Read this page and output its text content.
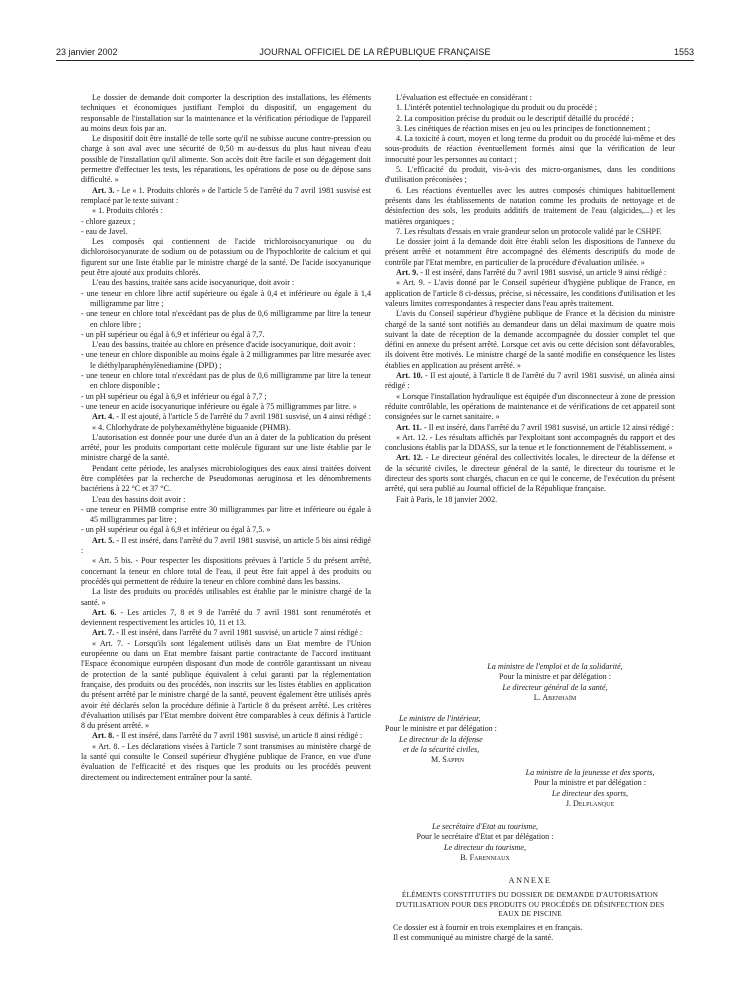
23 janvier 2002	JOURNAL OFFICIEL DE LA RÉPUBLIQUE FRANÇAISE	1553

Le dossier de demande doit comporter la description des installations, les éléments techniques et économiques justifiant l'emploi du dispositif, un engagement du responsable de l'installation sur la maintenance et la vérification périodique de l'appareil au moins deux fois par an.

Le dispositif doit être installé de telle sorte qu'il ne subisse aucune contre-pression ou charge à son aval avec une sécurité de 0,50 m au-dessus du plus haut niveau d'eau possible de l'installation qu'il alimente. Son accès doit être facile et son dégagement doit permettre d'effectuer les tests, les réparations, les opérations de pose ou de dépose sans difficulté. »

Art. 3. - Le « 1. Produits chlorés » de l'article 5 de l'arrêté du 7 avril 1981 susvisé est remplacé par le texte suivant :

« 1. Produits chlorés :

- chlore gazeux ;

- eau de Javel.

Les composés qui contiennent de l'acide trichloroisocyanurique ou du dichloroisocyanurate de sodium ou de potassium ou de l'hypochlorite de calcium et qui figurent sur une liste établie par le ministre chargé de la santé. De l'acide isocyanurique peut être ajouté aux produits chlorés.

L'eau des bassins, traitée sans acide isocyanurique, doit avoir :

- une teneur en chlore libre actif supérieure ou égale à 0,4 et inférieure ou égale à 1,4 milligramme par litre ;

- une teneur en chlore total n'excédant pas de plus de 0,6 milligramme par litre la teneur en chlore libre ;

- un pH supérieur ou égal à 6,9 et inférieur ou égal à 7,7.

L'eau des bassins, traitée au chlore en présence d'acide isocyanurique, doit avoir :

- une teneur en chlore disponible au moins égale à 2 milligrammes par litre mesurée avec le diéthylparaphénylènediamine (DPD) ;

- une teneur en chlore total n'excédant pas de plus de 0,6 milligramme par litre la teneur en chlore disponible ;

- un pH supérieur ou égal à 6,9 et inférieur ou égal à 7,7 ;

- une teneur en acide isocyanurique inférieure ou égale à 75 milligrammes par litre. »

Art. 4. - Il est ajouté, à l'article 5 de l'arrêté du 7 avril 1981 susvisé, un 4 ainsi rédigé :

« 4. Chlorhydrate de polyhexaméthylène biguanide (PHMB).

L'autorisation est donnée pour une durée d'un an à dater de la publication du présent arrêté, pour les produits comportant cette molécule figurant sur une liste établie par le ministre chargé de la santé.

Pendant cette période, les analyses microbiologiques des eaux ainsi traitées doivent être complétées par la recherche de Pseudomonas aeruginosa et les dénombrements bactériens à 22 °C et 37 °C.

L'eau des bassins doit avoir :

- une teneur en PHMB comprise entre 30 milligrammes par litre et inférieure ou égale à 45 milligrammes par litre ;

- un pH supérieur ou égal à 6,9 et inférieur ou égal à 7,5. »

Art. 5. - Il est inséré, dans l'arrêté du 7 avril 1981 susvisé, un article 5 bis ainsi rédigé :

« Art. 5 bis. - Pour respecter les dispositions prévues à l'article 5 du présent arrêté, concernant la teneur en chlore total de l'eau, il peut être fait appel à des produits ou procédés qui permettent de réduire la teneur en chlore combiné dans les bassins.

La liste des produits ou procédés utilisables est établie par le ministre chargé de la santé. »

Art. 6. - Les articles 7, 8 et 9 de l'arrêté du 7 avril 1981 sont renumérotés et deviennent respectivement les articles 10, 11 et 13.

Art. 7. - Il est inséré, dans l'arrêté du 7 avril 1981 susvisé, un article 7 ainsi rédigé :

« Art. 7. - Lorsqu'ils sont légalement utilisés dans un Etat membre de l'Union européenne ou dans un Etat membre faisant partie contractante de l'accord instituant l'Espace économique européen disposant d'un mode de contrôle garantissant un niveau de protection de la santé publique équivalent à celui garanti par la réglementation française, des produits ou des procédés, non inscrits sur les listes établies en application du présent arrêté par le ministre chargé de la santé, peuvent également être utilisés après avoir été déclarés selon la procédure définie à l'article 8 du présent arrêté. Les critères d'évaluation utilisés par l'Etat membre doivent être comparables à ceux définis à l'article 8 du présent arrêté. »

Art. 8. - Il est inséré, dans l'arrêté du 7 avril 1981 susvisé, un article 8 ainsi rédigé :

« Art. 8. - Les déclarations visées à l'article 7 sont transmises au ministère chargé de la santé qui consulte le Conseil supérieur d'hygiène publique de France, en vue d'une évaluation de l'efficacité et des risques que les produits ou les procédés peuvent directement ou indirectement entraîner pour la santé.

L'évaluation est effectuée en considérant :

1. L'intérêt potentiel technologique du produit ou du procédé ;

2. La composition précise du produit ou le descriptif détaillé du procédé ;

3. Les cinétiques de réaction mises en jeu ou les principes de fonctionnement ;

4. La toxicité à court, moyen et long terme du produit ou du procédé lui-même et des sous-produits de réaction éventuellement formés ainsi que la vérification de leur innocuité pour les personnes au contact ;

5. L'efficacité du produit, vis-à-vis des micro-organismes, dans les conditions d'utilisation préconisées ;

6. Les réactions éventuelles avec les autres composés chimiques habituellement présents dans les établissements de natation comme les produits de nettoyage et de désinfection des sols, les produits additifs de traitement de l'eau (algicides,...) et les matières organiques ;

7. Les résultats d'essais en vraie grandeur selon un protocole validé par le CSHPF.

Le dossier joint à la demande doit être établi selon les dispositions de l'annexe du présent arrêté et notamment être accompagné des éléments descriptifs du mode de contrôle par l'Etat membre, en particulier de la procédure d'évaluation utilisée. »

Art. 9. - Il est inséré, dans l'arrêté du 7 avril 1981 susvisé, un article 9 ainsi rédigé :

« Art. 9. - L'avis donné par le Conseil supérieur d'hygiène publique de France, en application de l'article 8 ci-dessus, précise, si nécessaire, les conditions d'utilisation et les valeurs limites correspondantes à respecter dans l'eau après traitement.

L'avis du Conseil supérieur d'hygiène publique de France et la décision du ministre chargé de la santé sont notifiés au demandeur dans un délai maximum de quatre mois suivant la date de réception de la demande accompagnée du dossier complet tel que défini en annexe du présent arrêté. Lorsque cet avis ou cette décision sont défavorables, ils doivent être motivés. Le ministre chargé de la santé modifie en conséquence les listes établies en application au présent arrêté. »

Art. 10. - Il est ajouté, à l'article 8 de l'arrêté du 7 avril 1981 susvisé, un alinéa ainsi rédigé :

« Lorsque l'installation hydraulique est équipée d'un disconnecteur à zone de pression réduite contrôlable, les opérations de maintenance et de vérifications de cet appareil sont consignées sur le carnet sanitaire. »

Art. 11. - Il est inséré, dans l'arrêté du 7 avril 1981 susvisé, un article 12 ainsi rédigé :

« Art. 12. - Les résultats affichés par l'exploitant sont accompagnés du rapport et des conclusions établis par la DDASS, sur la tenue et le fonctionnement de l'établissement. »

Art. 12. - Le directeur général des collectivités locales, le directeur de la défense et de la sécurité civiles, le directeur général de la santé, le directeur du tourisme et le directeur des sports sont chargés, chacun en ce qui le concerne, de l'exécution du présent arrêté, qui sera publié au Journal officiel de la République française.

Fait à Paris, le 18 janvier 2002.

La ministre de l'emploi et de la solidarité,
Pour la ministre et par délégation :
Le directeur général de la santé,
L. Abenhaïm
Le ministre de l'intérieur,
Pour le ministre et par délégation :
Le directeur de la défense
et de la sécurité civiles,
M. Sappin
La ministre de la jeunesse et des sports,
Pour la ministre et par délégation :
Le directeur des sports,
J. Delplanque
Le secrétaire d'Etat au tourisme,
Pour le secrétaire d'Etat et par délégation :
Le directeur du tourisme,
B. Farenniaux
ANNEXE
ÉLÉMENTS CONSTITUTIFS DU DOSSIER DE DEMANDE D'AUTORISATION D'UTILISATION POUR DES PRODUITS OU PROCÉDÉS DE DÉSINFECTION DES EAUX DE PISCINE
Ce dossier est à fournir en trois exemplaires et en français.
Il est communiqué au ministre chargé de la santé.
